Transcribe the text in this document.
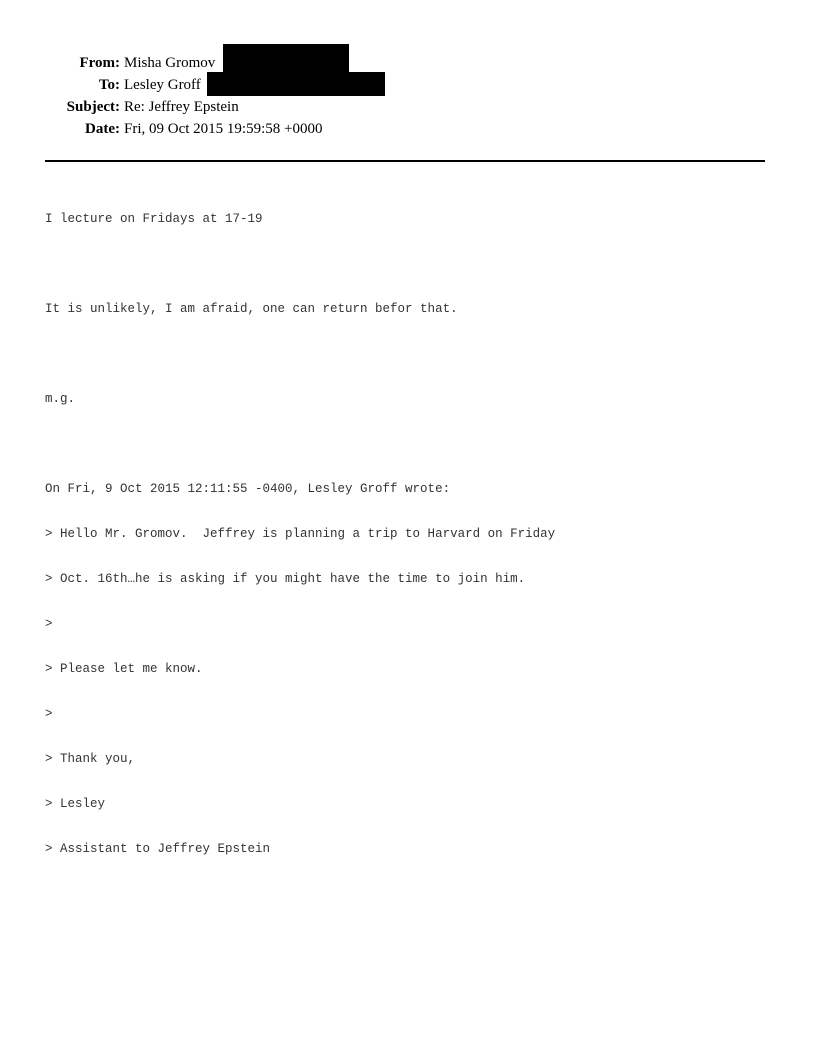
From: Misha Gromov
To: Lesley Groff
Subject: Re: Jeffrey Epstein
Date: Fri, 09 Oct 2015 19:59:58 +0000

I lecture on Fridays at 17-19

It is unlikely, I am afraid, one can return befor that.

m.g.

On Fri, 9 Oct 2015 12:11:55 -0400, Lesley Groff wrote:

> Hello Mr. Gromov.  Jeffrey is planning a trip to Harvard on Friday

> Oct. 16th…he is asking if you might have the time to join him.

>

> Please let me know.

>

> Thank you,

> Lesley

> Assistant to Jeffrey Epstein
